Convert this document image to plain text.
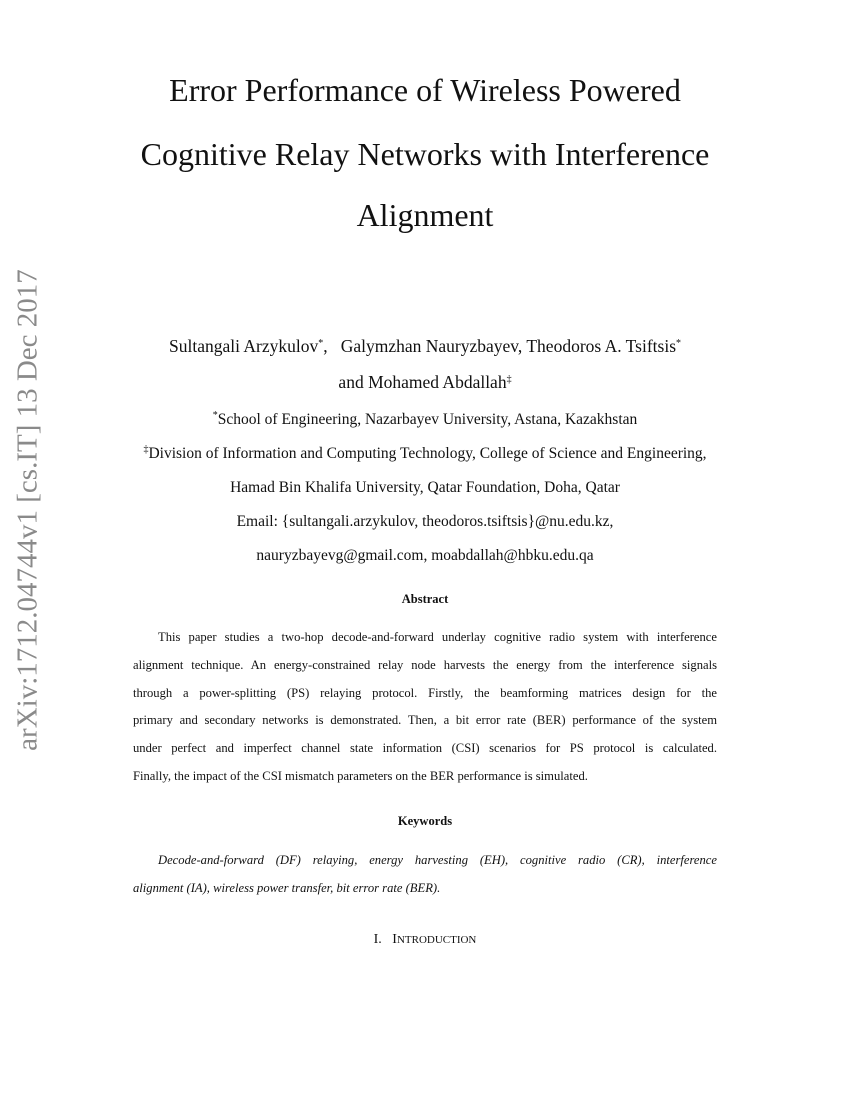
arXiv:1712.04744v1 [cs.IT] 13 Dec 2017
Error Performance of Wireless Powered
Cognitive Relay Networks with Interference
Alignment
Sultangali Arzykulov*,   Galymzhan Nauryzbayev, Theodoros A. Tsiftsis*
and Mohamed Abdallah‡
*School of Engineering, Nazarbayev University, Astana, Kazakhstan
‡Division of Information and Computing Technology, College of Science and Engineering,
Hamad Bin Khalifa University, Qatar Foundation, Doha, Qatar
Email: {sultangali.arzykulov, theodoros.tsiftsis}@nu.edu.kz,
nauryzbayevg@gmail.com, moabdallah@hbku.edu.qa
Abstract
This paper studies a two-hop decode-and-forward underlay cognitive radio system with interference
alignment technique. An energy-constrained relay node harvests the energy from the interference signals
through a power-splitting (PS) relaying protocol. Firstly, the beamforming matrices design for the
primary and secondary networks is demonstrated. Then, a bit error rate (BER) performance of the system
under perfect and imperfect channel state information (CSI) scenarios for PS protocol is calculated.
Finally, the impact of the CSI mismatch parameters on the BER performance is simulated.
Keywords
Decode-and-forward (DF) relaying, energy harvesting (EH), cognitive radio (CR), interference
alignment (IA), wireless power transfer, bit error rate (BER).
I. INTRODUCTION
